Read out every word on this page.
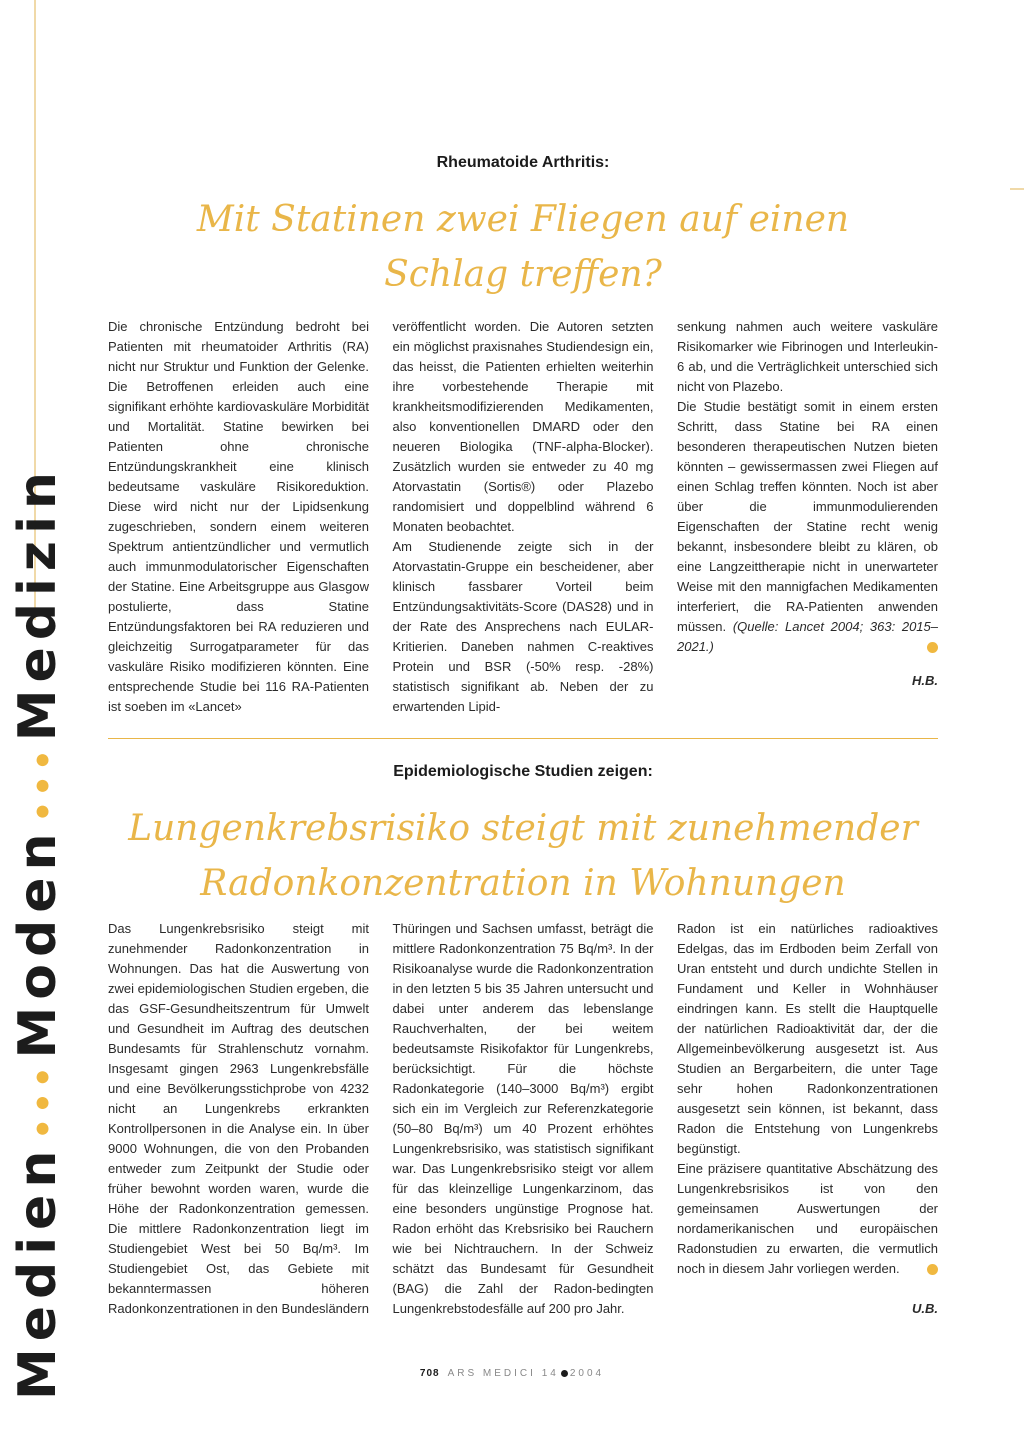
Medien•••Moden•••Medizin
Rheumatoide Arthritis:
Mit Statinen zwei Fliegen auf einen
Schlag treffen?

Die chronische Entzündung bedroht bei Patienten mit rheumatoider Arthritis (RA) nicht nur Struktur und Funktion der Gelenke. Die Betroffenen erleiden auch eine signifikant erhöhte kardiovaskuläre Morbidität und Mortalität. Statine bewirken bei Patienten ohne chronische Entzündungskrankheit eine klinisch bedeutsame vaskuläre Risikoreduktion. Diese wird nicht nur der Lipidsenkung zugeschrieben, sondern einem weiteren Spektrum antientzündlicher und vermutlich auch immunmodulatorischer Eigenschaften der Statine. Eine Arbeitsgruppe aus Glasgow postulierte, dass Statine Entzündungsfaktoren bei RA reduzieren und gleichzeitig Surrogatparameter für das vaskuläre Risiko modifizieren könnten. Eine entsprechende Studie bei 116 RA-Patienten ist soeben im «Lancet»

veröffentlicht worden. Die Autoren setzten ein möglichst praxisnahes Studiendesign ein, das heisst, die Patienten erhielten weiterhin ihre vorbestehende Therapie mit krankheitsmodifizierenden Medikamenten, also konventionellen DMARD oder den neueren Biologika (TNF-alpha-Blocker). Zusätzlich wurden sie entweder zu 40 mg Atorvastatin (Sortis®) oder Plazebo randomisiert und doppelblind während 6 Monaten beobachtet.

Am Studienende zeigte sich in der Atorvastatin-Gruppe ein bescheidener, aber klinisch fassbarer Vorteil beim Entzündungsaktivitäts-Score (DAS28) und in der Rate des Ansprechens nach EULAR-Kritierien. Daneben nahmen C-reaktives Protein und BSR (-50% resp. -28%) statistisch signifikant ab. Neben der zu erwartenden Lipid-

senkung nahmen auch weitere vaskuläre Risikomarker wie Fibrinogen und Interleukin-6 ab, und die Verträglichkeit unterschied sich nicht von Plazebo.

Die Studie bestätigt somit in einem ersten Schritt, dass Statine bei RA einen besonderen therapeutischen Nutzen bieten könnten – gewissermassen zwei Fliegen auf einen Schlag treffen könnten. Noch ist aber über die immunmodulierenden Eigenschaften der Statine recht wenig bekannt, insbesondere bleibt zu klären, ob eine Langzeittherapie nicht in unerwarteter Weise mit den mannigfachen Medikamenten interferiert, die RA-Patienten anwenden müssen. (Quelle: Lancet 2004; 363: 2015–2021.)

H.B.
Epidemiologische Studien zeigen:
Lungenkrebsrisiko steigt mit zunehmender
Radonkonzentration in Wohnungen

Das Lungenkrebsrisiko steigt mit zunehmender Radonkonzentration in Wohnungen. Das hat die Auswertung von zwei epidemiologischen Studien ergeben, die das GSF-Gesundheitszentrum für Umwelt und Gesundheit im Auftrag des deutschen Bundesamts für Strahlenschutz vornahm. Insgesamt gingen 2963 Lungenkrebsfälle und eine Bevölkerungsstichprobe von 4232 nicht an Lungenkrebs erkrankten Kontrollpersonen in die Analyse ein. In über 9000 Wohnungen, die von den Probanden entweder zum Zeitpunkt der Studie oder früher bewohnt worden waren, wurde die Höhe der Radonkonzentration gemessen. Die mittlere Radonkonzentration liegt im Studiengebiet West bei 50 Bq/m³. Im Studiengebiet Ost, das Gebiete mit bekanntermassen höheren Radonkonzentrationen in den Bundesländern

Thüringen und Sachsen umfasst, beträgt die mittlere Radonkonzentration 75 Bq/m³. In der Risikoanalyse wurde die Radonkonzentration in den letzten 5 bis 35 Jahren untersucht und dabei unter anderem das lebenslange Rauchverhalten, der bei weitem bedeutsamste Risikofaktor für Lungenkrebs, berücksichtigt. Für die höchste Radonkategorie (140–3000 Bq/m³) ergibt sich ein im Vergleich zur Referenzkategorie (50–80 Bq/m³) um 40 Prozent erhöhtes Lungenkrebsrisiko, was statistisch signifikant war. Das Lungenkrebsrisiko steigt vor allem für das kleinzellige Lungenkarzinom, das eine besonders ungünstige Prognose hat. Radon erhöht das Krebsrisiko bei Rauchern wie bei Nichtrauchern. In der Schweiz schätzt das Bundesamt für Gesundheit (BAG) die Zahl der Radon-bedingten Lungenkrebstodesfälle auf 200 pro Jahr.

Radon ist ein natürliches radioaktives Edelgas, das im Erdboden beim Zerfall von Uran entsteht und durch undichte Stellen in Fundament und Keller in Wohnhäuser eindringen kann. Es stellt die Hauptquelle der natürlichen Radioaktivität dar, der die Allgemeinbevölkerung ausgesetzt ist. Aus Studien an Bergarbeitern, die unter Tage sehr hohen Radonkonzentrationen ausgesetzt sein können, ist bekannt, dass Radon die Entstehung von Lungenkrebs begünstigt.

Eine präzisere quantitative Abschätzung des Lungenkrebsrisikos ist von den gemeinsamen Auswertungen der nordamerikanischen und europäischen Radonstudien zu erwarten, die vermutlich noch in diesem Jahr vorliegen werden.

U.B.
708 ARS MEDICI 14 2004
